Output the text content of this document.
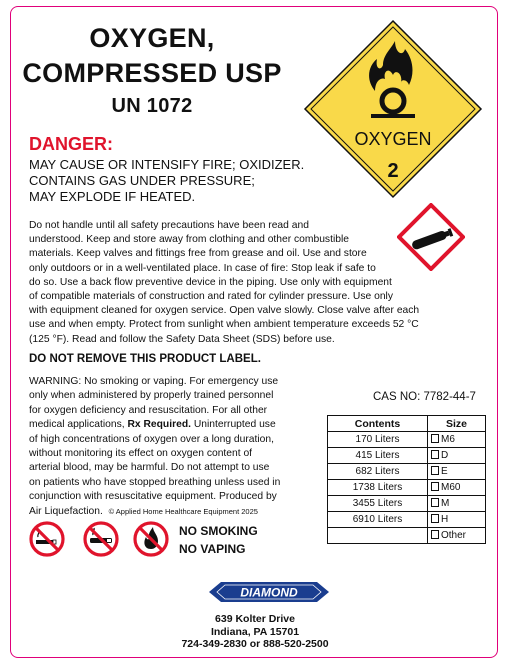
OXYGEN,
COMPRESSED USP
UN 1072
OXYGEN
2
DANGER:
MAY CAUSE OR INTENSIFY FIRE; OXIDIZER.
CONTAINS GAS UNDER PRESSURE;
MAY EXPLODE IF HEATED.
Do not handle until all safety precautions have been read and
understood. Keep and store away from clothing and other combustible
materials. Keep valves and fittings free from grease and oil. Use and store
only outdoors or in a well-ventilated place. In case of fire: Stop leak if safe to
do so. Use a back flow preventive device in the piping. Use only with equipment
of compatible materials of construction and rated for cylinder pressure. Use only
with equipment cleaned for oxygen service. Open valve slowly. Close valve after each
use and when empty. Protect from sunlight when ambient temperature exceeds 52 °C
(125 °F). Read and follow the Safety Data Sheet (SDS) before use.
DO NOT REMOVE THIS PRODUCT LABEL.
WARNING: No smoking or vaping. For emergency use
only when administered by properly trained personnel
for oxygen deficiency and resuscitation. For all other
medical applications, Rx Required. Uninterrupted use
of high concentrations of oxygen over a long duration,
without monitoring its effect on oxygen content of
arterial blood, may be harmful. Do not attempt to use
on patients who have stopped breathing unless used in
conjunction with resuscitative equipment. Produced by
Air Liquefaction. © Applied Home Healthcare Equipment 2025
CAS NO: 7782-44-7
Contents	Size
170 Liters	M6
415 Liters	D
682 Liters	E
1738 Liters	M60
3455 Liters	M
6910 Liters	H
	Other
NO SMOKING
NO VAPING
DIAMOND
639 Kolter Drive
Indiana, PA 15701
724-349-2830 or 888-520-2500
